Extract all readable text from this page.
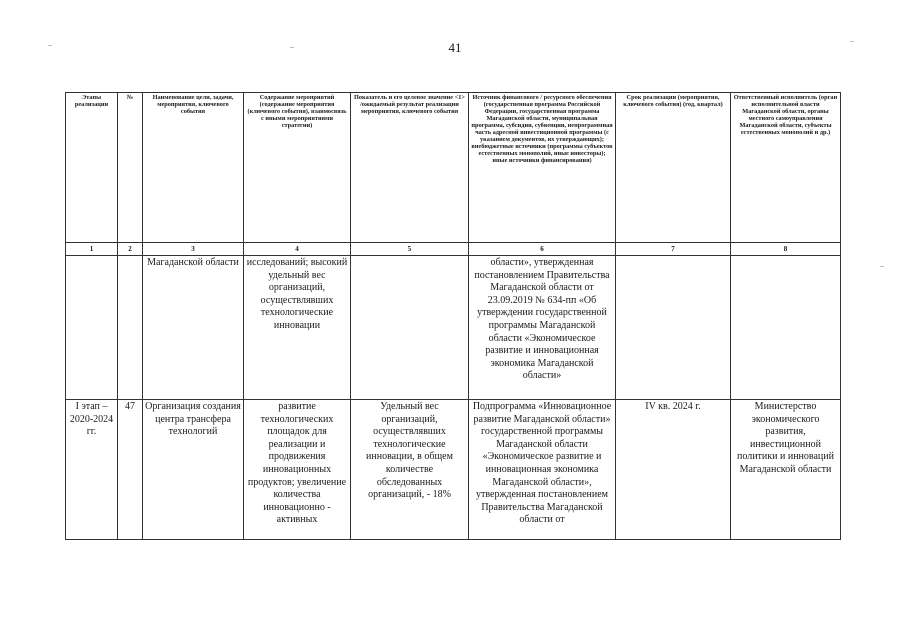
41
Этапы реализации	№	Наименование цели, задачи, мероприятия, ключевого события	Содержание мероприятий (содержание мероприятия (ключевого события), взаимосвязь с иными мероприятиями стратегии)	Показатель и его целевое значение <1> /ожидаемый результат реализации мероприятия, ключевого события	Источник финансового / ресурсного обеспечения (государственная программа Российской Федерации, государственная программа Магаданской области, муниципальная программа, субсидии, субвенции, непрограммная часть адресной инвестиционной программы (с указанием документов, их утверждающих); внебюджетные источники (программы субъектов естественных монополий, иные инвесторы); иные источники финансирования)	Срок реализации (мероприятия, ключевого события) (год, квартал)	Ответственный исполнитель (орган исполнительной власти Магаданской области, органы местного самоуправления Магаданской области, субъекты естественных монополий и др.)
1	2	3	4	5	6	7	8
		Магаданской области	исследований; высокий удельный вес организаций, осуществлявших технологические инновации		области», утвержденная постановлением Правительства Магаданской области от 23.09.2019 № 634-пп «Об утверждении государственной программы Магаданской области «Экономическое развитие и инновационная экономика Магаданской области»		
I этап – 2020-2024 гг.	47	Организация создания центра трансфера технологий	развитие технологических площадок для реализации и продвижения инновационных продуктов; увеличение количества инновационно - активных	Удельный вес организаций, осуществлявших технологические инновации, в общем количестве обследованных организаций, - 18%	Подпрограмма «Инновационное развитие Магаданской области» государственной программы Магаданской области «Экономическое развитие и инновационная экономика Магаданской области», утвержденная постановлением Правительства Магаданской области от	IV кв. 2024 г.	Министерство экономического развития, инвестиционной политики и инноваций Магаданской области
